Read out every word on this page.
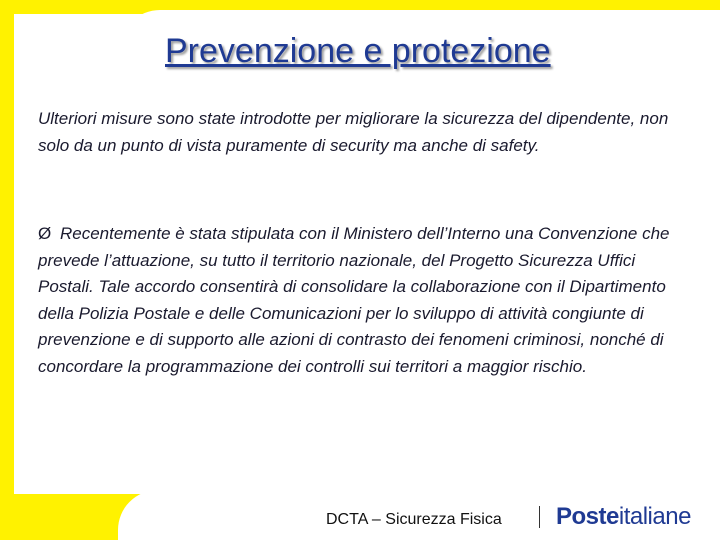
Prevenzione e protezione
Ulteriori misure sono state introdotte per migliorare la sicurezza del dipendente, non solo da un punto di vista puramente di security ma anche di safety.
Ø Recentemente è stata stipulata con il Ministero dell’Interno una Convenzione che prevede l’attuazione, su tutto il territorio nazionale, del Progetto Sicurezza Uffici Postali. Tale accordo consentirà di consolidare la collaborazione con il Dipartimento della Polizia Postale e delle Comunicazioni per lo sviluppo di attività congiunte di prevenzione e di supporto alle azioni di contrasto dei fenomeni criminosi, nonché di concordare la programmazione dei controlli sui territori a maggior rischio.
DCTA – Sicurezza Fisica Posteitaliane
